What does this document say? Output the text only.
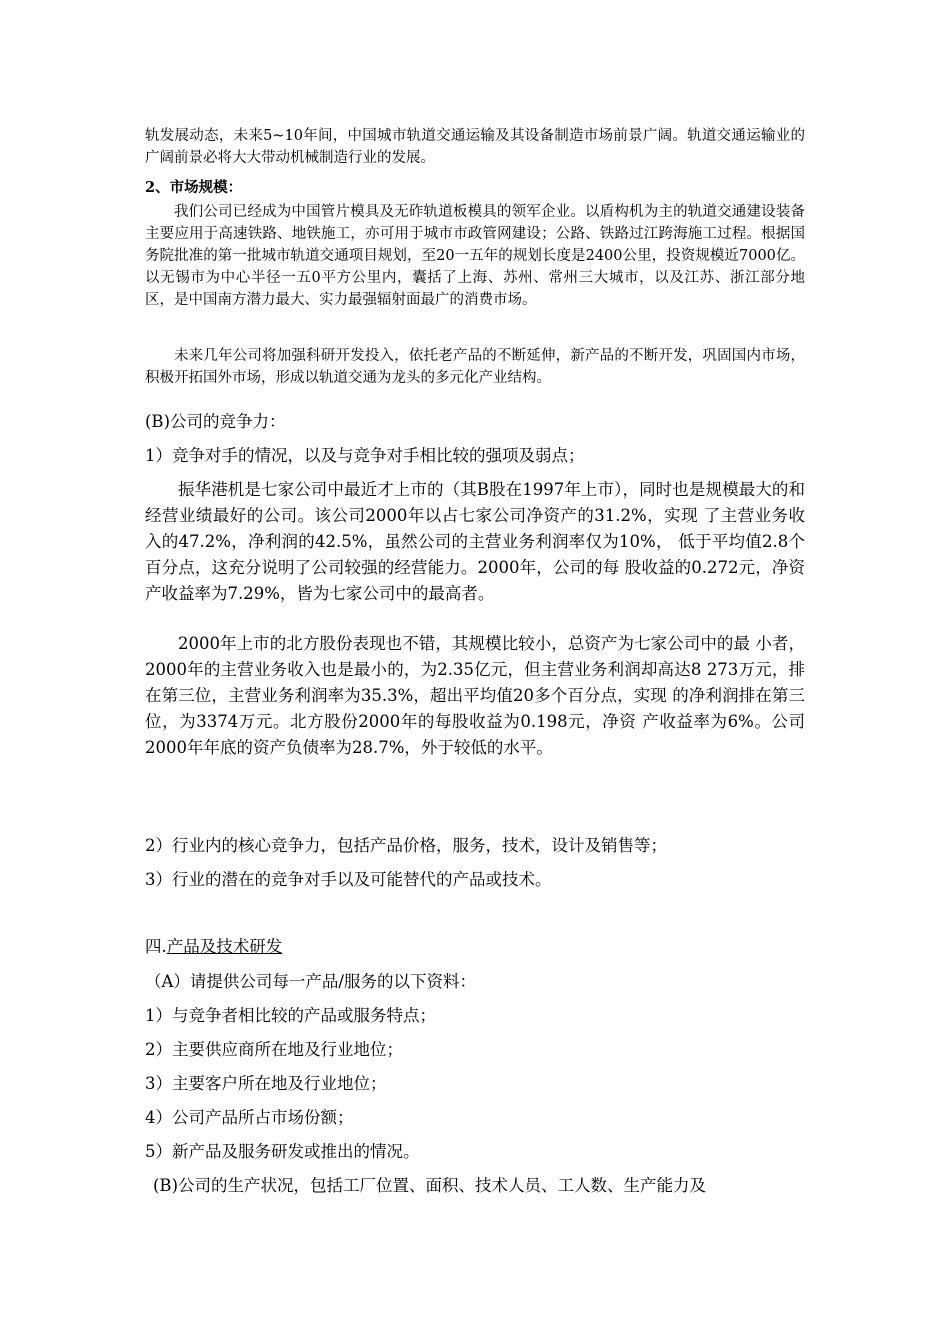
轨发展动态，未来5~10年间，中国城市轨道交通运输及其设备制造市场前景广阔。轨道交通运输业的广阔前景必将大大带动机械制造行业的发展。

2、市场规模：

我们公司已经成为中国管片模具及无砟轨道板模具的领军企业。以盾构机为主的轨道交通建设装备主要应用于高速铁路、地铁施工，亦可用于城市市政管网建设；公路、铁路过江跨海施工过程。根据国务院批准的第一批城市轨道交通项目规划，至20一五年的规划长度是2400公里，投资规模近7000亿。以无锡市为中心半径一五0平方公里内，囊括了上海、苏州、常州三大城市，以及江苏、浙江部分地区，是中国南方潜力最大、实力最强辐射面最广的消费市场。

未来几年公司将加强科研开发投入，依托老产品的不断延伸，新产品的不断开发，巩固国内市场，积极开拓国外市场，形成以轨道交通为龙头的多元化产业结构。

(B)公司的竞争力：

1）竞争对手的情况，以及与竞争对手相比较的强项及弱点；

振华港机是七家公司中最近才上市的（其B股在1997年上市），同时也是规模最大的和经营业绩最好的公司。该公司2000年以占七家公司净资产的31.2%，实现 了主营业务收入的47.2%，净利润的42.5%，虽然公司的主营业务利润率仅为10%， 低于平均值2.8个百分点，这充分说明了公司较强的经营能力。2000年，公司的每 股收益的0.272元，净资产收益率为7.29%，皆为七家公司中的最高者。

2000年上市的北方股份表现也不错，其规模比较小，总资产为七家公司中的最 小者，2000年的主营业务收入也是最小的，为2.35亿元，但主营业务利润却高达8 273万元，排在第三位，主营业务利润率为35.3%，超出平均值20多个百分点，实现 的净利润排在第三位，为3374万元。北方股份2000年的每股收益为0.198元，净资 产收益率为6%。公司2000年年底的资产负债率为28.7%，外于较低的水平。

2）行业内的核心竞争力，包括产品价格，服务，技术，设计及销售等；

3）行业的潜在的竞争对手以及可能替代的产品或技术。

四.产品及技术研发

（A）请提供公司每一产品/服务的以下资料：

1）与竞争者相比较的产品或服务特点；

2）主要供应商所在地及行业地位；

3）主要客户所在地及行业地位；

4）公司产品所占市场份额；

5）新产品及服务研发或推出的情况。

(B)公司的生产状况，包括工厂位置、面积、技术人员、工人数、生产能力及
